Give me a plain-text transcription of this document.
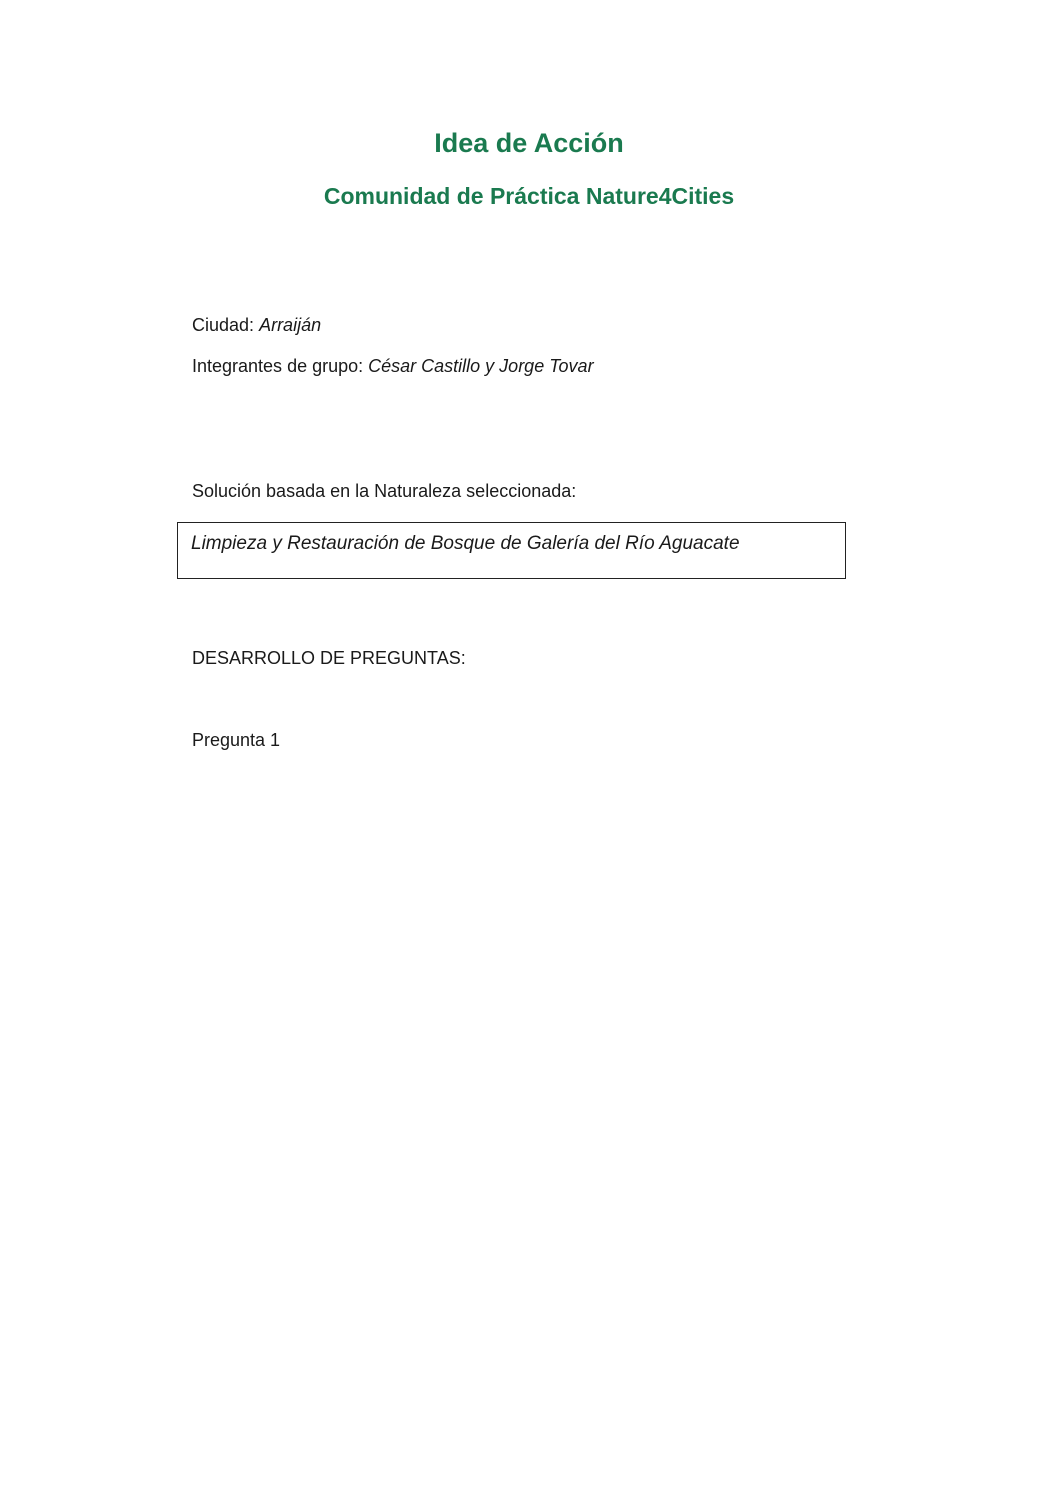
Idea de Acción
Comunidad de Práctica Nature4Cities
Ciudad: Arraiján
Integrantes de grupo: César Castillo y Jorge Tovar
Solución basada en la Naturaleza seleccionada:
Limpieza y Restauración de Bosque de Galería del Río Aguacate
DESARROLLO DE PREGUNTAS:
Pregunta 1
